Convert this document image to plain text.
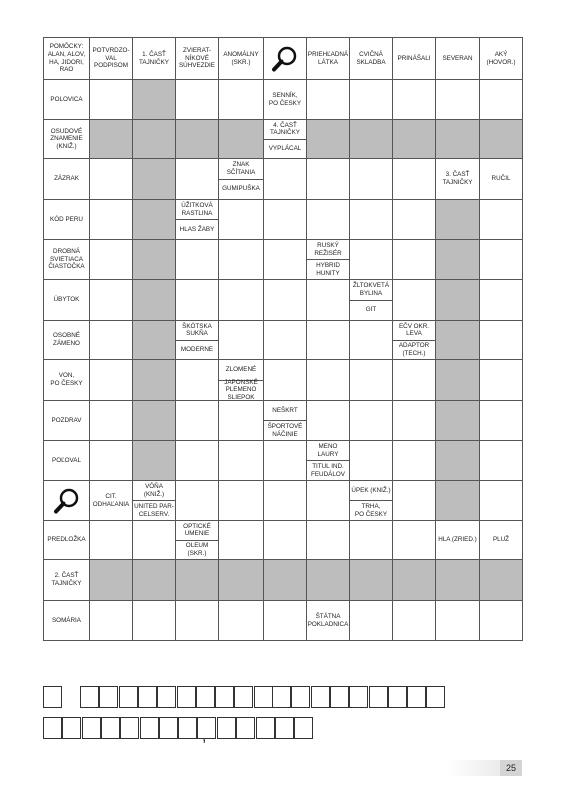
POMÔCKY:
ALAN, ALOV,
HA, JIDORI,
RAO
POTVRDZO-
VAL
PODPISOM
1. ČASŤ
TAJNIČKY
ZVIERAT-
NÍKOVÉ
SÚHVEZDIE
ANOMÁLNY
(SKR.)
PRIEHĽADNÁ
LÁTKA
CVIČNÁ
SKLADBA
PRINÁŠALI	SEVERAN
AKÝ
(HOVOR.)
POLOVICA
OSUDOVÉ
ZNAMENIE
(KNIŽ.)
ZÁZRAK
KÓD PERU
DROBNÁ
SVIETIACA
ČIASTOČKA
ÚBYTOK
OSOBNÉ
ZÁMENO
VON,
PO ČESKY
POZDRAV
POĽOVAL
PREDLOŽKA
2. ČASŤ
TAJNIČKY
SOMÁRIA
SENNÍK,
PO ČESKY
4. ČASŤ
TAJNIČKY
VYPLÁCAL
ZNAK
SČÍTANIA
GUMIPUŠKA
3. ČASŤ
TAJNIČKY
RUČIL
ÚŽITKOVÁ
RASTLINA
HLAS ŽABY
RUSKÝ
REŽISÉR
HYBRID
HUNITY
ŽLTOKVETÁ
BYLINA
GIT
ŠKÓTSKA
SUKŇA
MODERNE
EČV OKR.
LEVA
ADAPTOR
(TECH.)
ZLOMENÉ
JAPONSKÉ
PLEMENO
SLIEPOK
NEŠKRT
ŠPORTOVÉ
NÁČINIE
MENO
LAURY
TITUL IND.
FEUDÁLOV
CIT.
ODHAĽANIA
VÔŇA
(KNIŽ.)
UNITED PAR-
CELSERV.
ÚPEK (KNIŽ.)
TRHA,
PO ČESKY
OPTICKÉ
UMENIE
OLEUM
(SKR.)
HLA (ZRIED.)	PLUŽ
ŠTÁTNA
POKLADNICA
25
